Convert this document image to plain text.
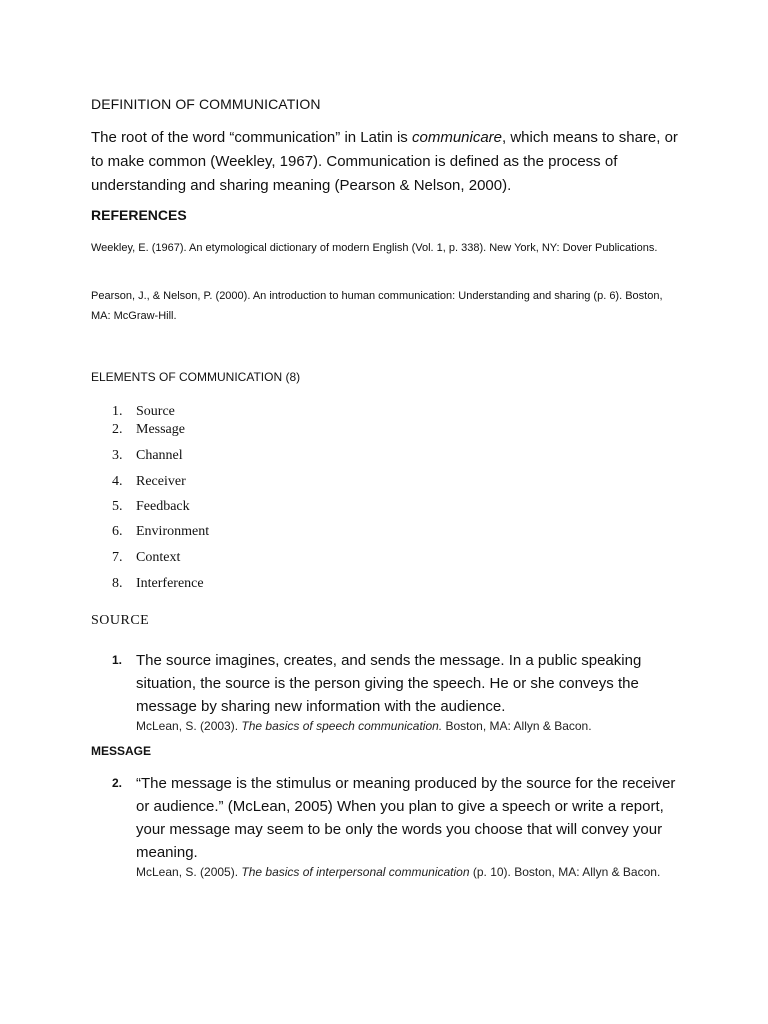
DEFINITION OF COMMUNICATION

The root of the word “communication” in Latin is communicare, which means to share, or to make common (Weekley, 1967). Communication is defined as the process of understanding and sharing meaning (Pearson & Nelson, 2000).

REFERENCES

Weekley, E. (1967). An etymological dictionary of modern English (Vol. 1, p. 338). New York, NY: Dover Publications.

Pearson, J., & Nelson, P. (2000). An introduction to human communication: Understanding and sharing (p. 6). Boston, MA: McGraw-Hill.

ELEMENTS OF COMMUNICATION (8)

1. Source
2. Message
3. Channel
4. Receiver
5. Feedback
6. Environment
7. Context
8. Interference

SOURCE

1. The source imagines, creates, and sends the message. In a public speaking situation, the source is the person giving the speech. He or she conveys the message by sharing new information with the audience.
McLean, S. (2003). The basics of speech communication. Boston, MA: Allyn & Bacon.

MESSAGE

2. “The message is the stimulus or meaning produced by the source for the receiver or audience.” (McLean, 2005) When you plan to give a speech or write a report, your message may seem to be only the words you choose that will convey your meaning.
McLean, S. (2005). The basics of interpersonal communication (p. 10). Boston, MA: Allyn & Bacon.
